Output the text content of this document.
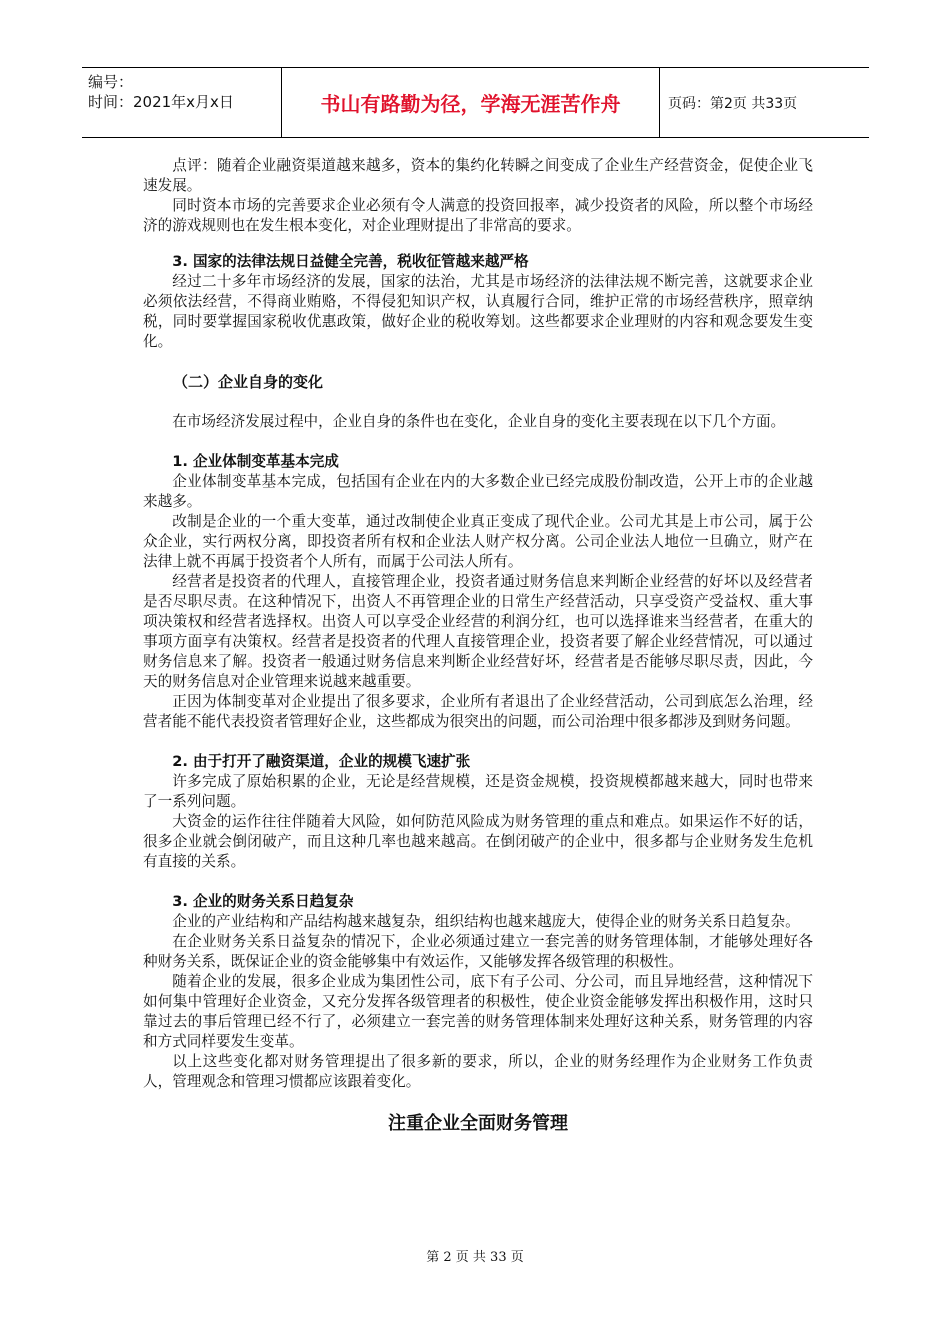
编号：
时间：2021年x月x日	书山有路勤为径，学海无涯苦作舟	页码：第2页 共33页

点评：随着企业融资渠道越来越多，资本的集约化转瞬之间变成了企业生产经营资金，促使企业飞速发展。

同时资本市场的完善要求企业必须有令人满意的投资回报率，减少投资者的风险，所以整个市场经济的游戏规则也在发生根本变化，对企业理财提出了非常高的要求。

3. 国家的法律法规日益健全完善，税收征管越来越严格

经过二十多年市场经济的发展，国家的法治，尤其是市场经济的法律法规不断完善，这就要求企业必须依法经营，不得商业贿赂，不得侵犯知识产权，认真履行合同，维护正常的市场经营秩序，照章纳税，同时要掌握国家税收优惠政策，做好企业的税收筹划。这些都要求企业理财的内容和观念要发生变化。

（二）企业自身的变化

在市场经济发展过程中，企业自身的条件也在变化，企业自身的变化主要表现在以下几个方面。

1. 企业体制变革基本完成

企业体制变革基本完成，包括国有企业在内的大多数企业已经完成股份制改造，公开上市的企业越来越多。

改制是企业的一个重大变革，通过改制使企业真正变成了现代企业。公司尤其是上市公司，属于公众企业，实行两权分离，即投资者所有权和企业法人财产权分离。公司企业法人地位一旦确立，财产在法律上就不再属于投资者个人所有，而属于公司法人所有。

经营者是投资者的代理人，直接管理企业，投资者通过财务信息来判断企业经营的好坏以及经营者是否尽职尽责。在这种情况下，出资人不再管理企业的日常生产经营活动，只享受资产受益权、重大事项决策权和经营者选择权。出资人可以享受企业经营的利润分红，也可以选择谁来当经营者，在重大的事项方面享有决策权。经营者是投资者的代理人直接管理企业，投资者要了解企业经营情况，可以通过财务信息来了解。投资者一般通过财务信息来判断企业经营好坏，经营者是否能够尽职尽责，因此，今天的财务信息对企业管理来说越来越重要。

正因为体制变革对企业提出了很多要求，企业所有者退出了企业经营活动，公司到底怎么治理，经营者能不能代表投资者管理好企业，这些都成为很突出的问题，而公司治理中很多都涉及到财务问题。

2. 由于打开了融资渠道，企业的规模飞速扩张

许多完成了原始积累的企业，无论是经营规模，还是资金规模，投资规模都越来越大，同时也带来了一系列问题。

大资金的运作往往伴随着大风险，如何防范风险成为财务管理的重点和难点。如果运作不好的话，很多企业就会倒闭破产，而且这种几率也越来越高。在倒闭破产的企业中，很多都与企业财务发生危机有直接的关系。

3. 企业的财务关系日趋复杂

企业的产业结构和产品结构越来越复杂，组织结构也越来越庞大，使得企业的财务关系日趋复杂。

在企业财务关系日益复杂的情况下，企业必须通过建立一套完善的财务管理体制，才能够处理好各种财务关系，既保证企业的资金能够集中有效运作，又能够发挥各级管理的积极性。

随着企业的发展，很多企业成为集团性公司，底下有子公司、分公司，而且异地经营，这种情况下如何集中管理好企业资金，又充分发挥各级管理者的积极性，使企业资金能够发挥出积极作用，这时只靠过去的事后管理已经不行了，必须建立一套完善的财务管理体制来处理好这种关系，财务管理的内容和方式同样要发生变革。

以上这些变化都对财务管理提出了很多新的要求，所以，企业的财务经理作为企业财务工作负责人，管理观念和管理习惯都应该跟着变化。

注重企业全面财务管理
第 2 页 共 33 页
